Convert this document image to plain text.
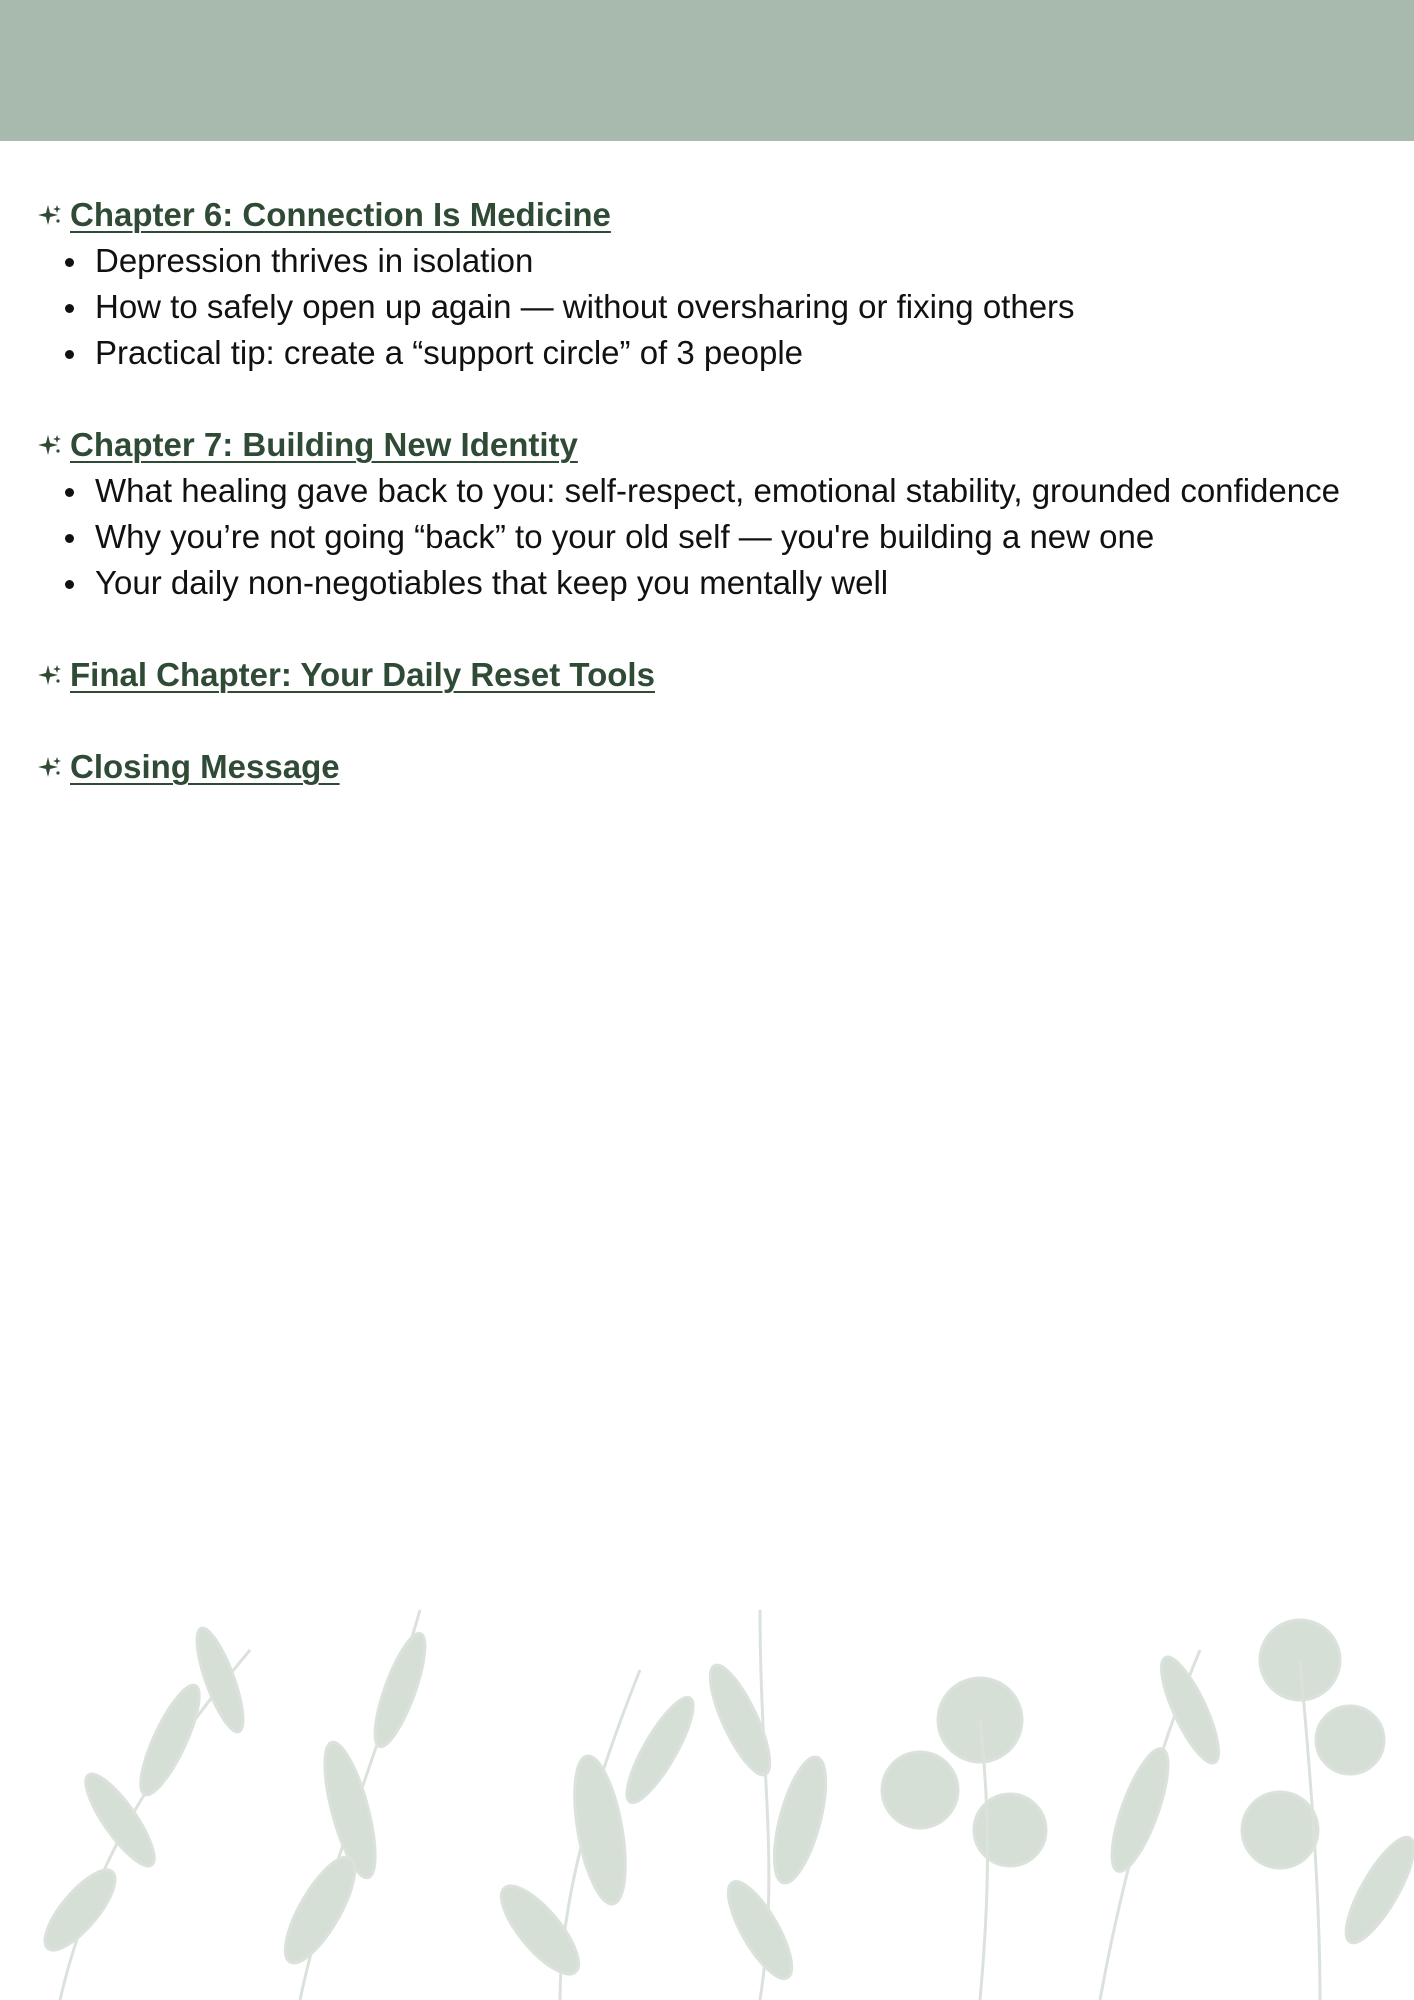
Chapter 6: Connection Is Medicine
Depression thrives in isolation
How to safely open up again — without oversharing or fixing others
Practical tip: create a “support circle” of 3 people
Chapter 7: Building New Identity
What healing gave back to you: self-respect, emotional stability, grounded confidence
Why you’re not going “back” to your old self — you're building a new one
Your daily non-negotiables that keep you mentally well
Final Chapter: Your Daily Reset Tools
Closing Message
